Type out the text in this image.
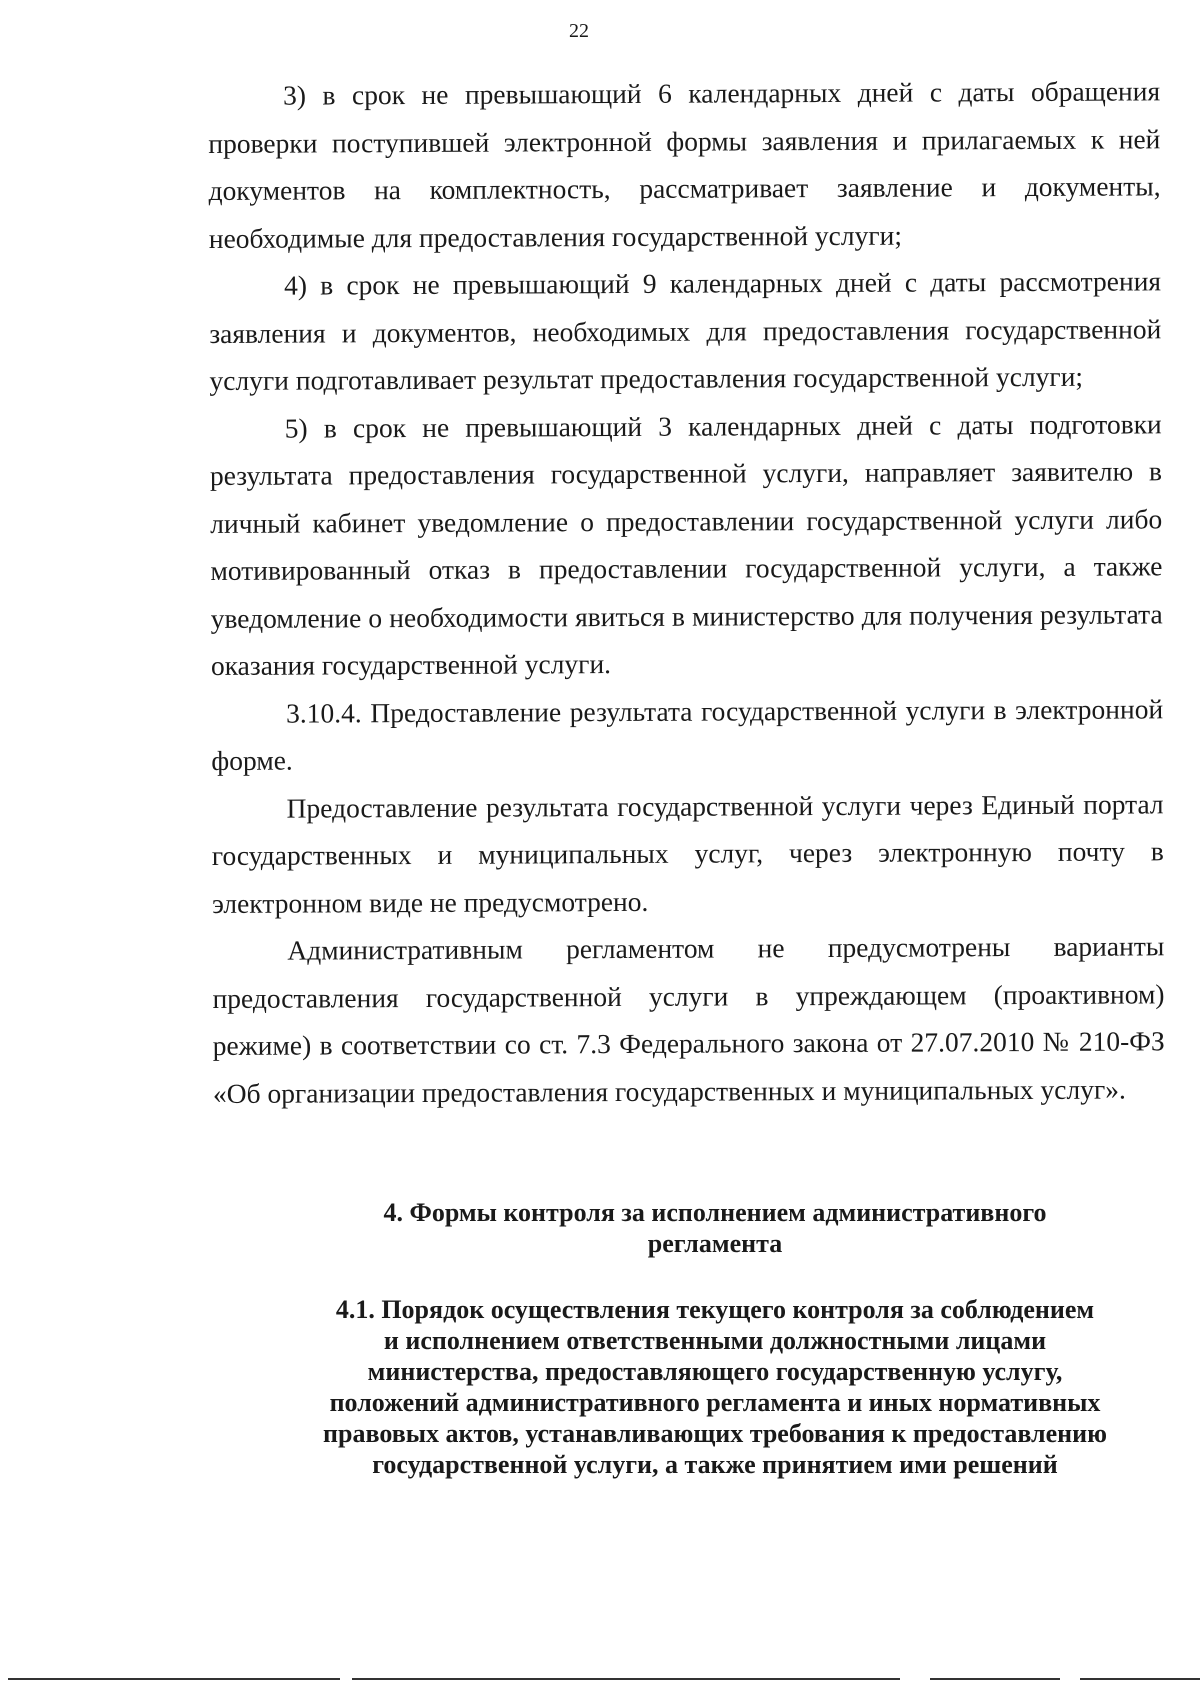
22

3) в срок не превышающий 6 календарных дней с даты обращения проверки поступившей электронной формы заявления и прилагаемых к ней документов на комплектность, рассматривает заявление и документы, необходимые для предоставления государственной услуги;

4) в срок не превышающий 9 календарных дней с даты рассмотрения заявления и документов, необходимых для предоставления государственной услуги подготавливает результат предоставления государственной услуги;

5) в срок не превышающий 3 календарных дней с даты подготовки результата предоставления государственной услуги, направляет заявителю в личный кабинет уведомление о предоставлении государственной услуги либо мотивированный отказ в предоставлении государственной услуги, а также уведомление о необходимости явиться в министерство для получения результата оказания государственной услуги.

3.10.4. Предоставление результата государственной услуги в электронной форме.

Предоставление результата государственной услуги через Единый портал государственных и муниципальных услуг, через электронную почту в электронном виде не предусмотрено.

Административным регламентом не предусмотрены варианты предоставления государственной услуги в упреждающем (проактивном) режиме) в соответствии со ст. 7.3 Федерального закона от 27.07.2010 № 210-ФЗ «Об организации предоставления государственных и муниципальных услуг».

4. Формы контроля за исполнением административного
регламента
4.1. Порядок осуществления текущего контроля за соблюдением
и исполнением ответственными должностными лицами
министерства, предоставляющего государственную услугу,
положений административного регламента и иных нормативных
правовых актов, устанавливающих требования к предоставлению
государственной услуги, а также принятием ими решений
